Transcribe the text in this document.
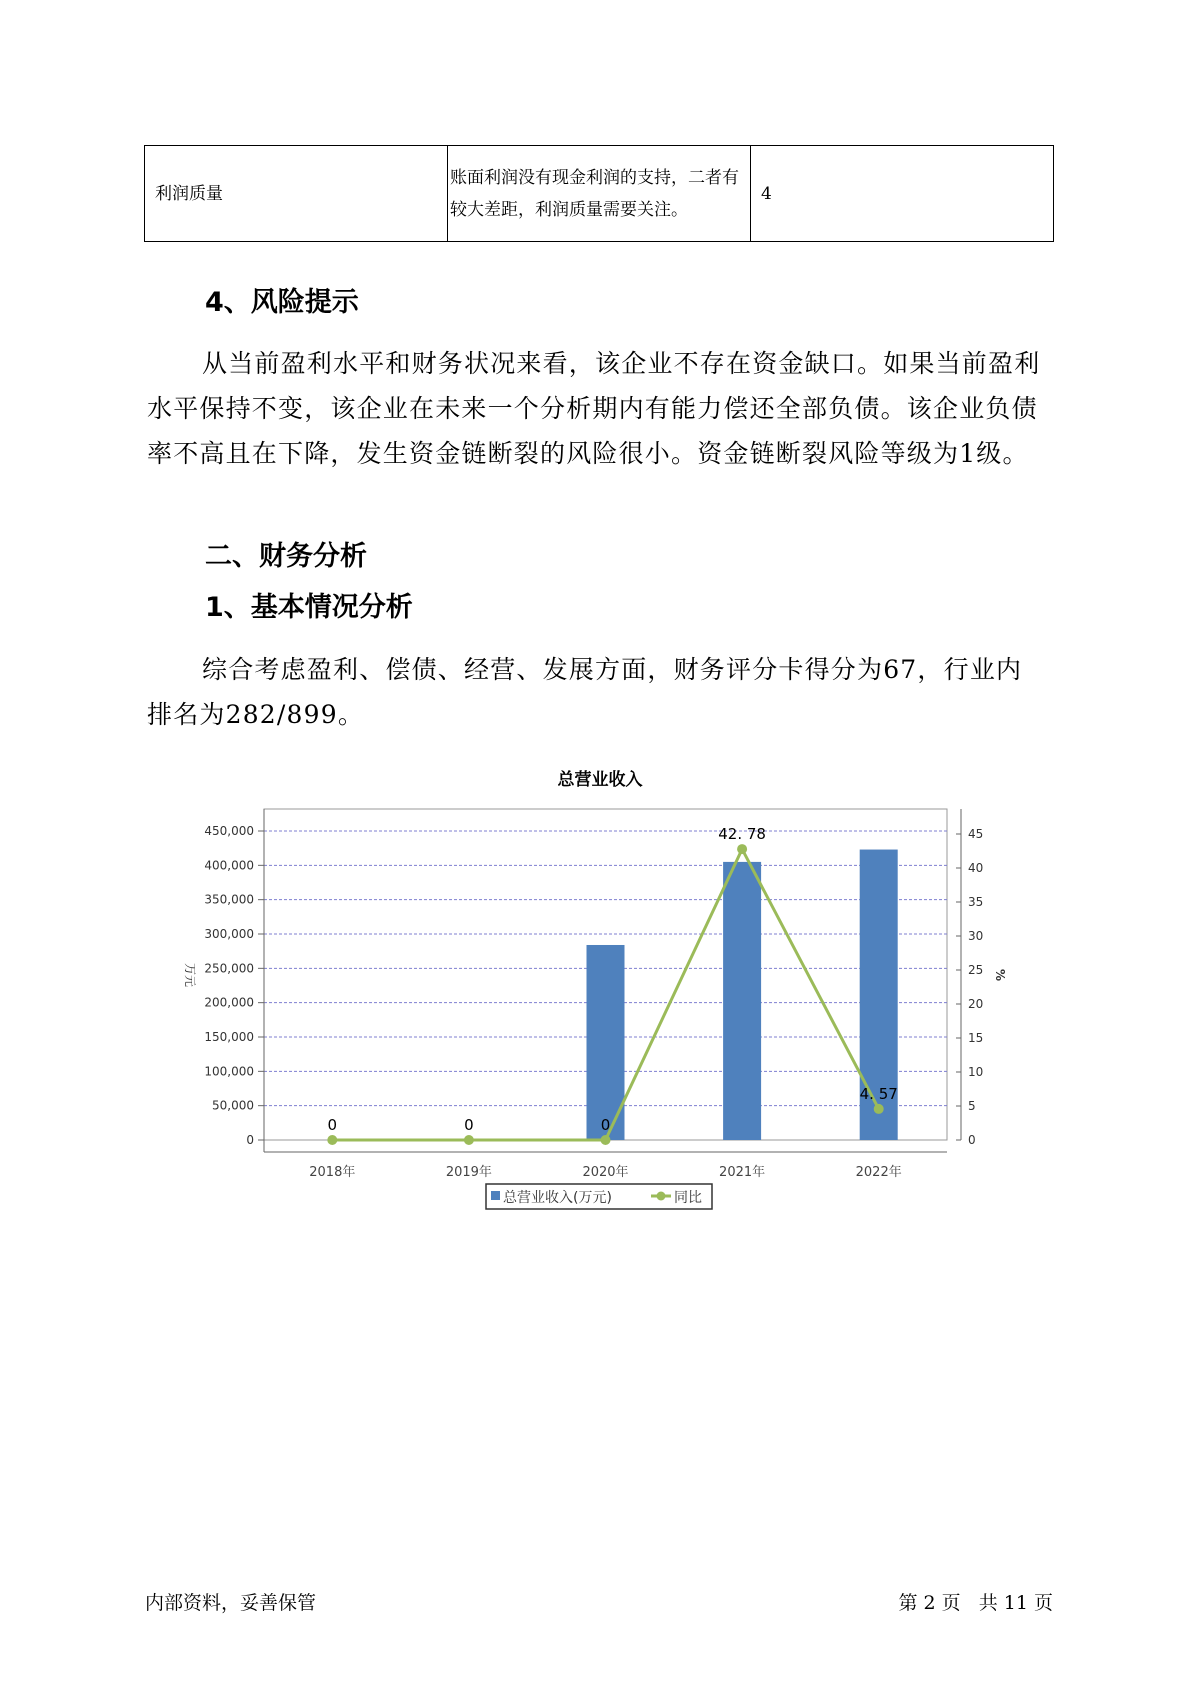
利润质量	账面利润没有现金利润的支持，二者有较大差距，利润质量需要关注。	4
4、风险提示
从当前盈利水平和财务状况来看，该企业不存在资金缺口。如果当前盈利水平保持不变，该企业在未来一个分析期内有能力偿还全部负债。该企业负债率不高且在下降，发生资金链断裂的风险很小。资金链断裂风险等级为1级。
二、财务分析
1、基本情况分析
综合考虑盈利、偿债、经营、发展方面，财务评分卡得分为67，行业内排名为282/899。
总营业收入
0	0	0
42. 78
4. 57
0
50,000
100,000
150,000
200,000
250,000
300,000
350,000
400,000
450,000
0
5
10
15
20
25
30
35
40
45
2018年	2019年	2020年	2021年	2022年
万元	%
总营业收入(万元)	同比
内部资料，妥善保管	第 2 页   共 11 页
